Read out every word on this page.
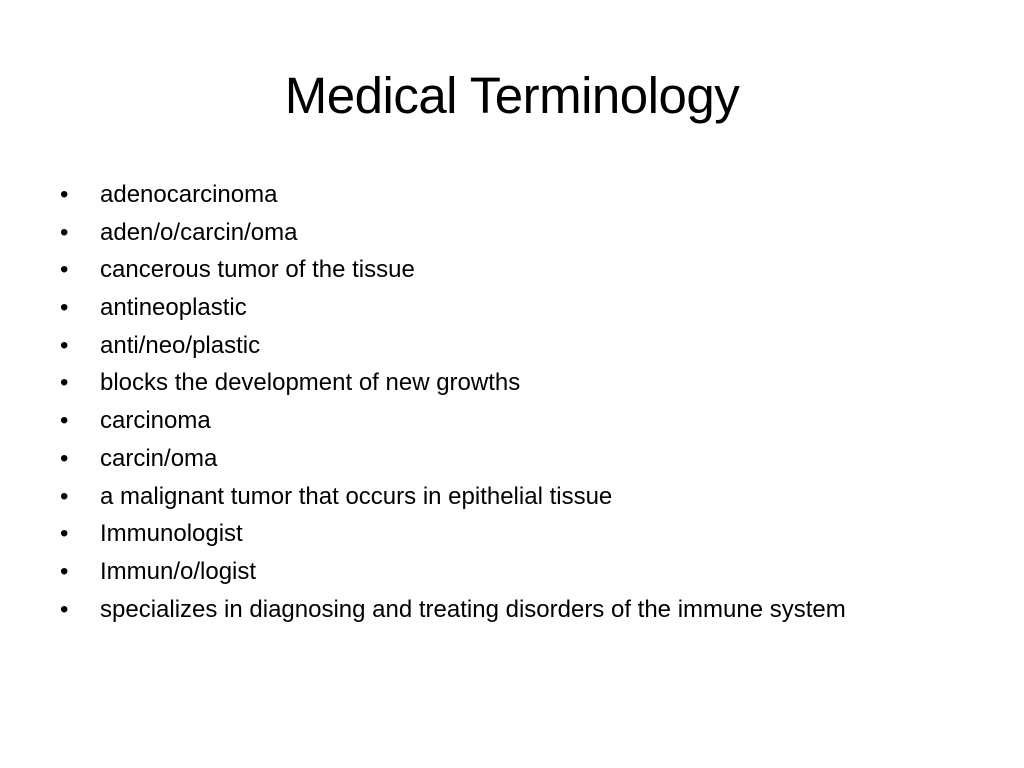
Medical Terminology
• adenocarcinoma
• aden/o/carcin/oma
• cancerous tumor of the tissue
• antineoplastic
• anti/neo/plastic
• blocks the development of new growths
• carcinoma
• carcin/oma
• a malignant tumor that occurs in epithelial tissue
• Immunologist
• Immun/o/logist
• specializes in diagnosing and treating disorders of the immune system
